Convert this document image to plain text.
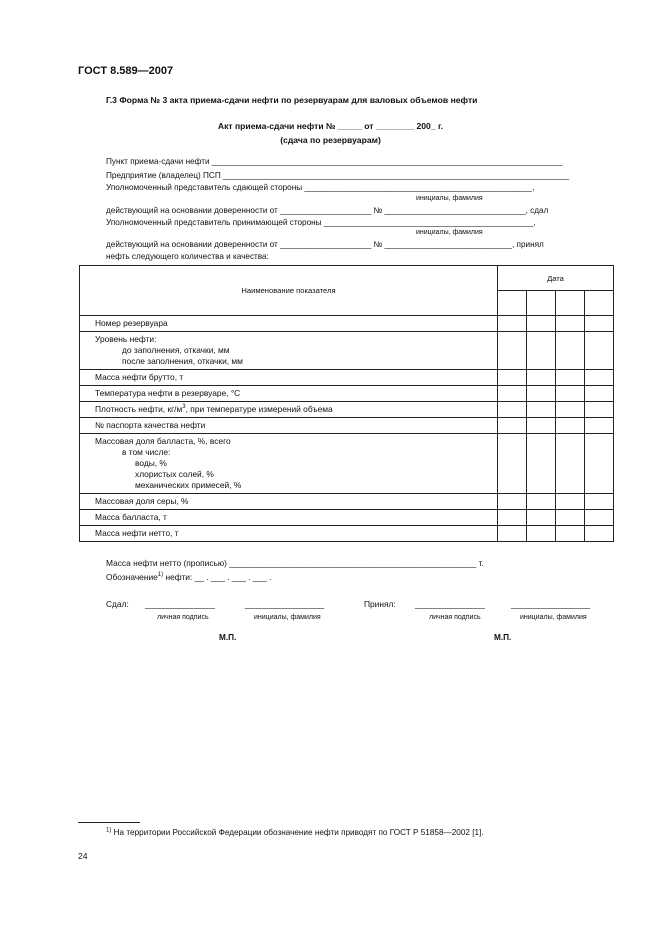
ГОСТ 8.589—2007
Г.3 Форма № 3 акта приема-сдачи нефти по резервуарам для валовых объемов нефти
Акт приема-сдачи нефти № _____ от ________ 200_ г.
(сдача по резервуарам)
Пункт приема-сдачи нефти _____________________________________________________________________________
Предприятие (владелец) ПСП ____________________________________________________________________________
Уполномоченный представитель сдающей стороны __________________________________________________,
инициалы, фамилия
действующий на основании доверенности от ____________________ № _______________________________, сдал
Уполномоченный представитель принимающей стороны ______________________________________________,
инициалы, фамилия
действующий на основании доверенности от ____________________ № ____________________________, принял
нефть следующего количества и качества:
Наименование показателя	Дата			

Номер резервуара				

Уровень нефти:
до заполнения, откачки, мм
после заполнения, откачки, мм				

Масса нефти брутто, т				
Температура нефти в резервуаре, °С				
Плотность нефти, $кг/м^3$, при температуре измерений объема				
№ паспорта качества нефти				

Массовая доля балласта, %, всего
в том числе:
воды, %
хлористых солей, %
механических примесей, %				

Массовая доля серы, %				
Масса балласта, т				
Масса нефти нетто, т				
Масса нефти нетто (прописью) _____________________________________________________ т.
Обозначение$^{1)}$ нефти: __ . ___ . ___ . ___ .
Сдал: _______________	_________________	Принял: _______________	_________________
личная подпись	инициалы, фамилия	личная подпись	инициалы, фамилия
М.П.	М.П.
$^{1)}$ На территории Российской Федерации обозначение нефти приводят по ГОСТ Р 51858—2002 [1].
24
